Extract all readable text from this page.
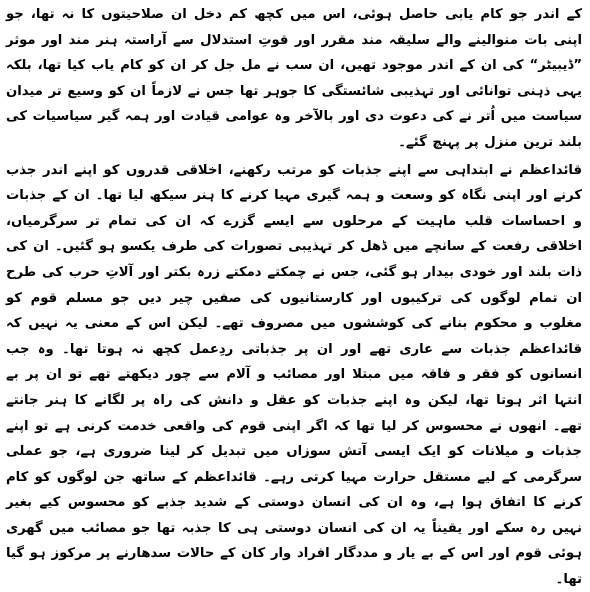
کے اندر جو کام یابی حاصل ہوئی، اس میں کچھ کم دخل ان صلاحیتوں کا نہ تھا، جو اپنی بات منوالینے والے سلیقہ مند مقرر اور قوتِ استدلال سے آراستہ ہنر مند اور موثر ”ڈیبیٹر“ کی ان کے اندر موجود تھیں، ان سب نے مل جل کر ان کو کام یاب کیا تھا، بلکہ یہی ذہنی توانائی اور تہذیبی شائستگی کا جوہر تھا جس نے لازماً ان کو وسیع تر میدان سیاست میں اُتر نے کی دعوت دی اور بالآخر وہ عوامی قیادت اور ہمہ گیر سیاسیات کی بلند ترین منزل پر پہنچ گئے۔

قائداعظم نے ابتداہی سے اپنے جذبات کو مرتب رکھنے، اخلاقی قدروں کو اپنے اندر جذب کرنے اور اپنی نگاہ کو وسعت و ہمہ گیری مہیا کرنے کا ہنر سیکھ لیا تھا۔ ان کے جذبات و احساسات قلب ماہیت کے مرحلوں سے ایسے گزرے کہ ان کی تمام تر سرگرمیاں، اخلاقی رفعت کے سانچے میں ڈھل کر تہذیبی تصورات کی طرف یکسو ہو گئیں۔ ان کی ذات بلند اور خودی بیدار ہو گئی، جس نے چمکتے دمکتے زرہ بکتر اور آلاتِ حرب کی طرح ان تمام لوگوں کی ترکیبوں اور کارستانیوں کی صفیں چیر دیں جو مسلم قوم کو مغلوب و محکوم بنانے کی کوششوں میں مصروف تھے۔ لیکن اس کے معنی یہ نہیں کہ قائداعظم جذبات سے عاری تھے اور ان پر جذباتی ردِعمل کچھ نہ ہوتا تھا۔ وہ جب انسانوں کو فقر و فاقہ میں مبتلا اور مصائب و آلام سے چور دیکھتے تھے تو ان پر بے انتہا اثر ہوتا تھا، لیکن وہ اپنے جذبات کو عقل و دانش کی راہ پر لگانے کا ہنر جانتے تھے۔ انھوں نے محسوس کر لیا تھا کہ اگر اپنی قوم کی واقعی خدمت کرنی ہے تو اپنے جذبات و میلانات کو ایک ایسی آتش سوزاں میں تبدیل کر لینا ضروری ہے، جو عملی سرگرمی کے لیے مستقل حرارت مہیا کرتی رہے۔ قائداعظم کے ساتھ جن لوگوں کو کام کرنے کا اتفاق ہوا ہے، وہ ان کی انسان دوستی کے شدید جذبے کو محسوس کیے بغیر نہیں رہ سکے اور یقیناً یہ ان کی انسان دوستی ہی کا جذبہ تھا جو مصائب میں گھری ہوئی قوم اور اس کے بے یار و مددگار افراد وار کان کے حالات سدھارنے پر مرکوز ہو گیا تھا۔
